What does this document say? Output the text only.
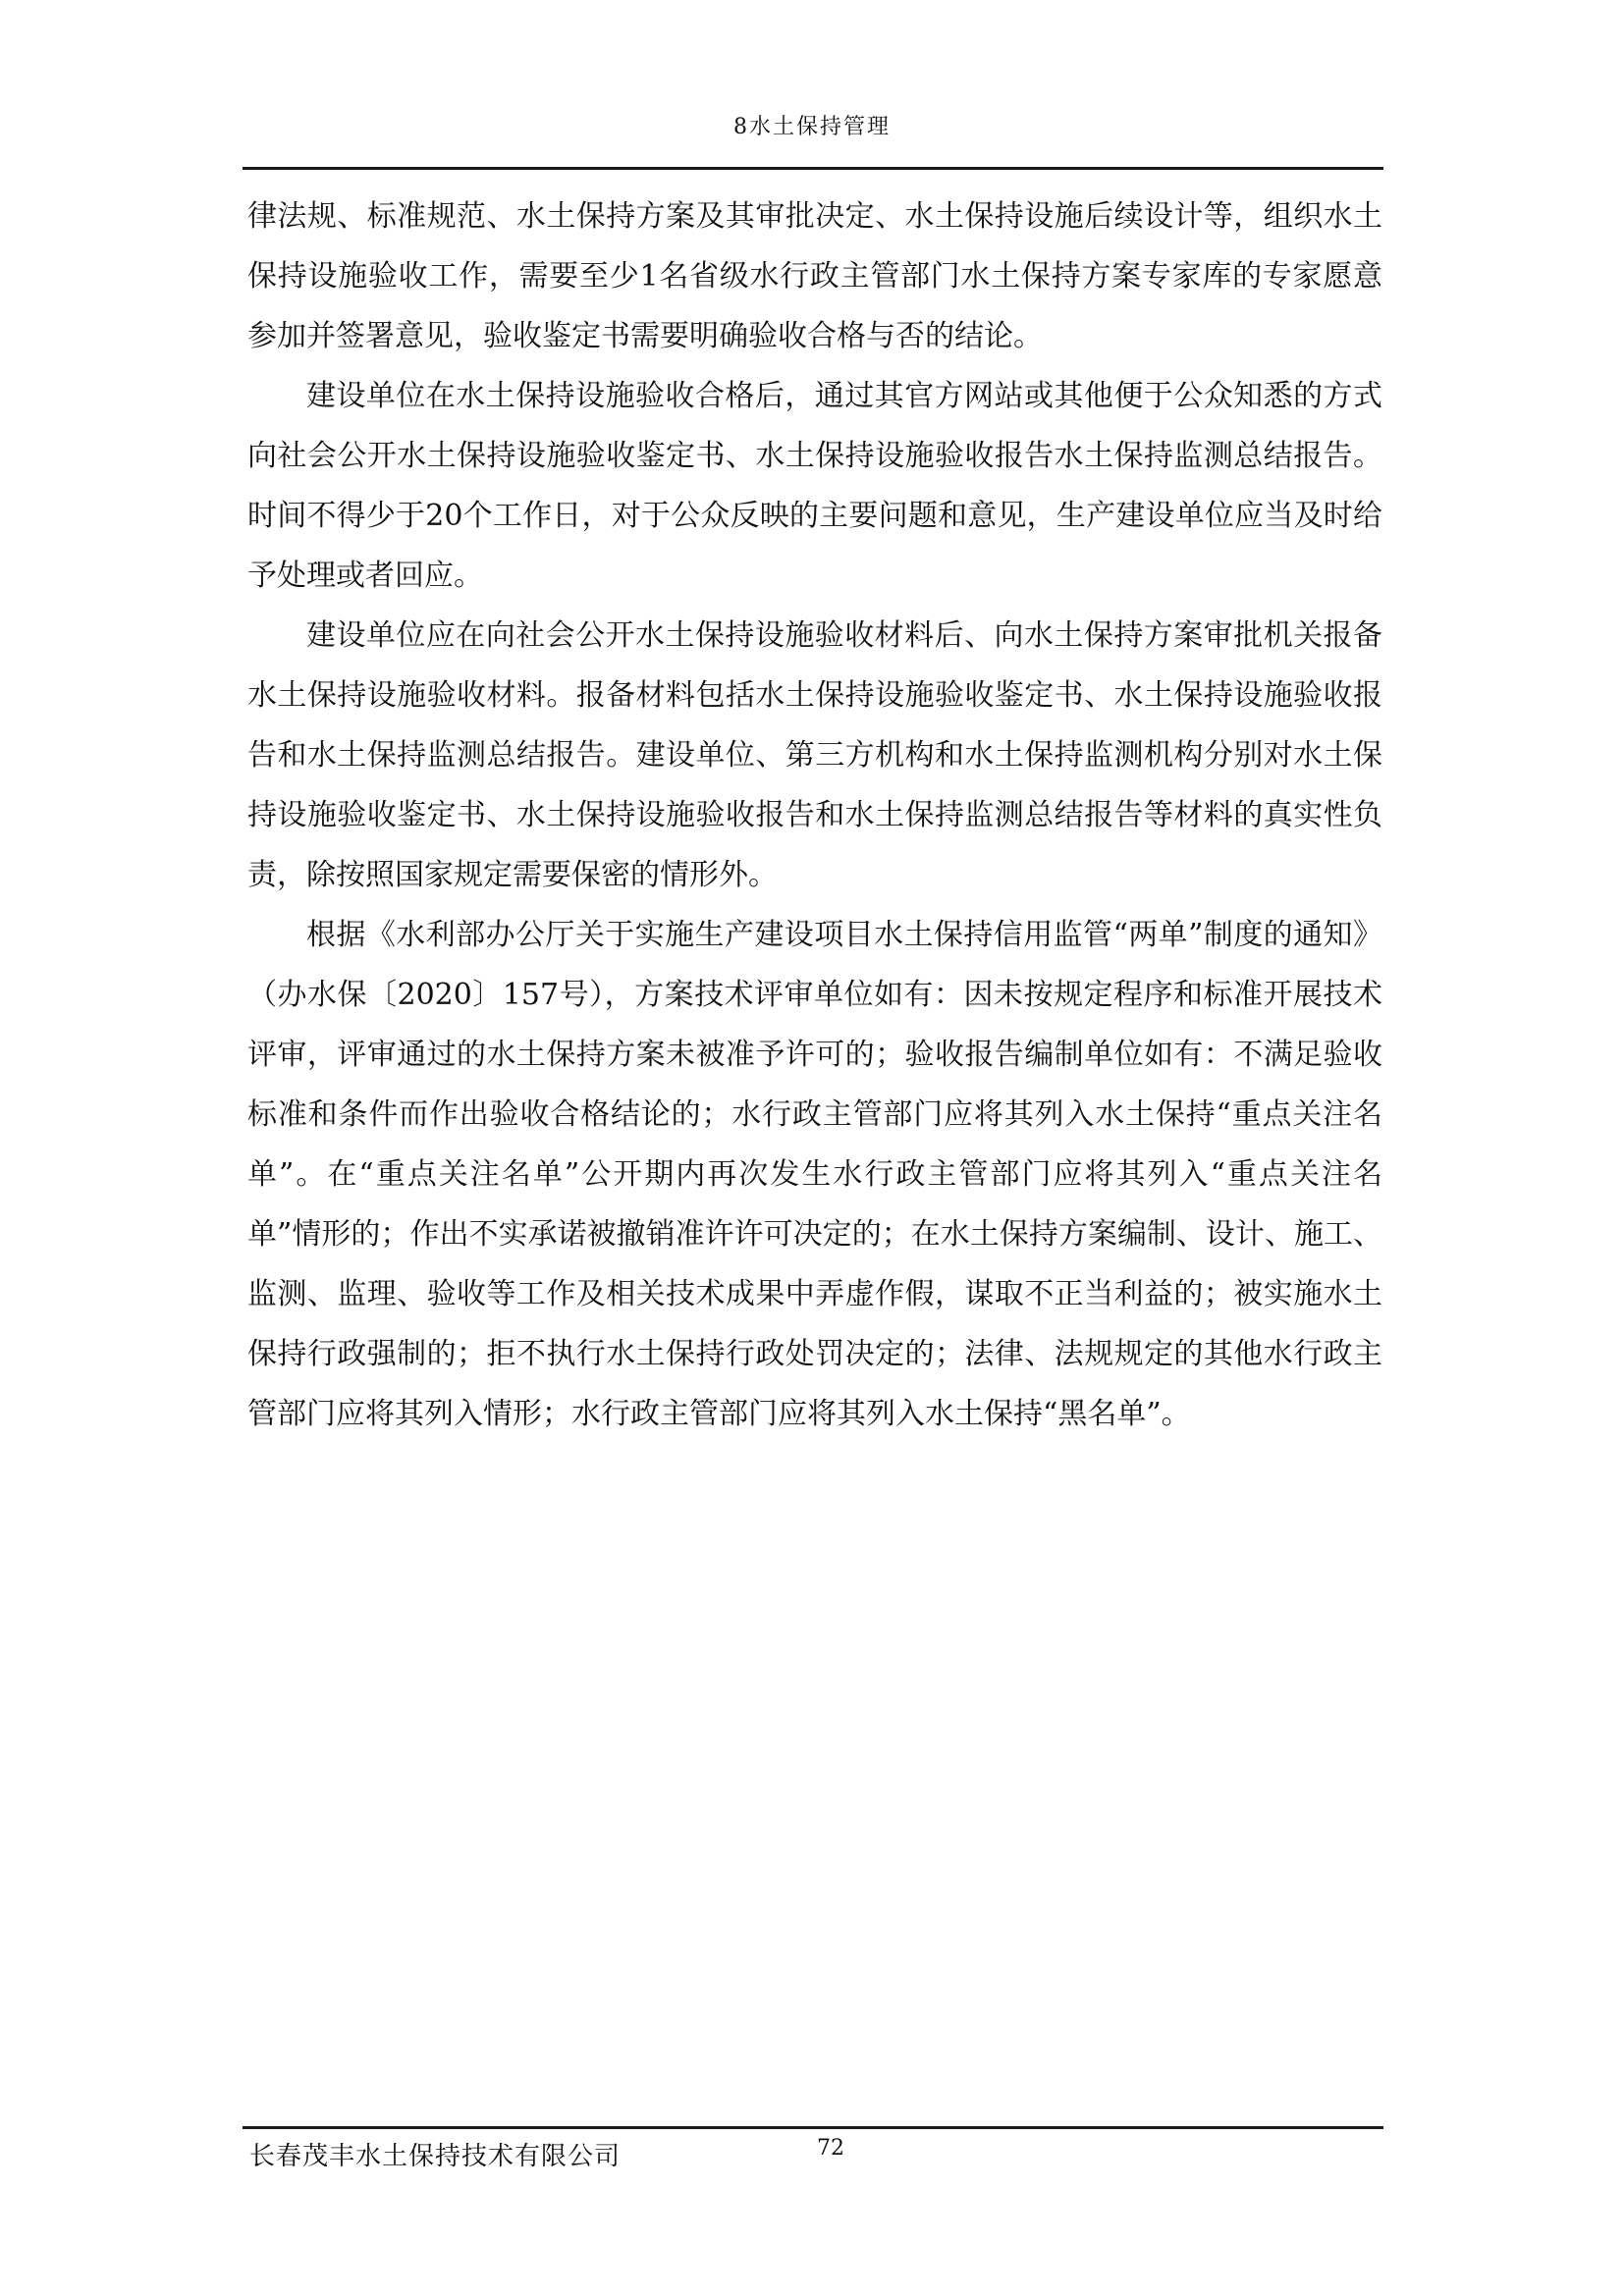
8水土保持管理

律法规、标准规范、水土保持方案及其审批决定、水土保持设施后续设计等，组织水土保持设施验收工作，需要至少1名省级水行政主管部门水土保持方案专家库的专家愿意参加并签署意见，验收鉴定书需要明确验收合格与否的结论。

建设单位在水土保持设施验收合格后，通过其官方网站或其他便于公众知悉的方式向社会公开水土保持设施验收鉴定书、水土保持设施验收报告水土保持监测总结报告。时间不得少于20个工作日，对于公众反映的主要问题和意见，生产建设单位应当及时给予处理或者回应。

建设单位应在向社会公开水土保持设施验收材料后、向水土保持方案审批机关报备水土保持设施验收材料。报备材料包括水土保持设施验收鉴定书、水土保持设施验收报告和水土保持监测总结报告。建设单位、第三方机构和水土保持监测机构分别对水土保持设施验收鉴定书、水土保持设施验收报告和水土保持监测总结报告等材料的真实性负责，除按照国家规定需要保密的情形外。

根据《水利部办公厅关于实施生产建设项目水土保持信用监管“两单”制度的通知》（办水保〔2020〕157号），方案技术评审单位如有：因未按规定程序和标准开展技术评审，评审通过的水土保持方案未被准予许可的；验收报告编制单位如有：不满足验收标准和条件而作出验收合格结论的；水行政主管部门应将其列入水土保持“重点关注名单”。在“重点关注名单”公开期内再次发生水行政主管部门应将其列入“重点关注名单”情形的；作出不实承诺被撤销准许许可决定的；在水土保持方案编制、设计、施工、监测、监理、验收等工作及相关技术成果中弄虚作假，谋取不正当利益的；被实施水土保持行政强制的；拒不执行水土保持行政处罚决定的；法律、法规规定的其他水行政主管部门应将其列入情形；水行政主管部门应将其列入水土保持“黑名单”。

长春茂丰水土保持技术有限公司	72
